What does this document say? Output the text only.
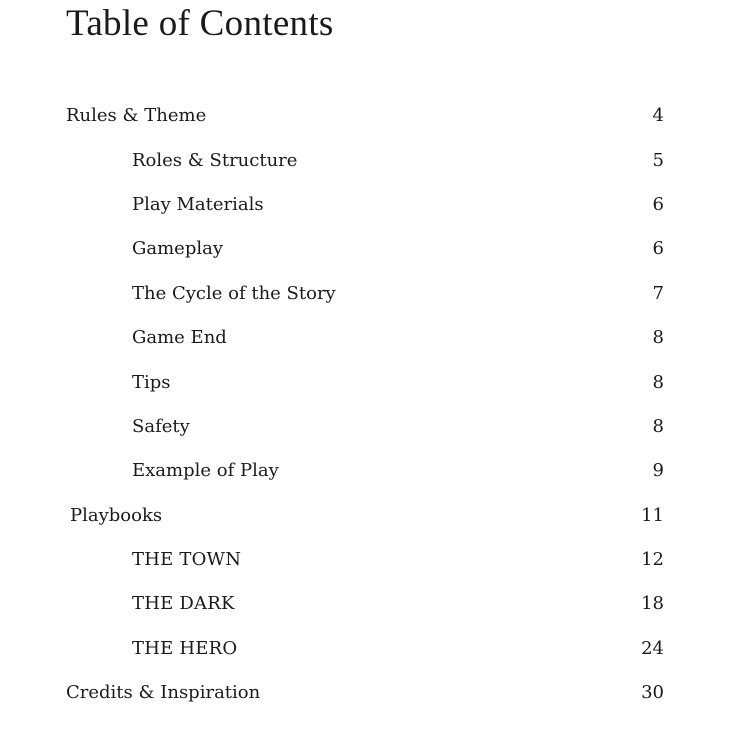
Table of Contents
Rules & Theme	4
Roles & Structure	5
Play Materials	6
Gameplay	6
The Cycle of the Story	7
Game End	8
Tips	8
Safety	8
Example of Play	9
Playbooks	11
THE TOWN	12
THE DARK	18
THE HERO	24
Credits & Inspiration	30
